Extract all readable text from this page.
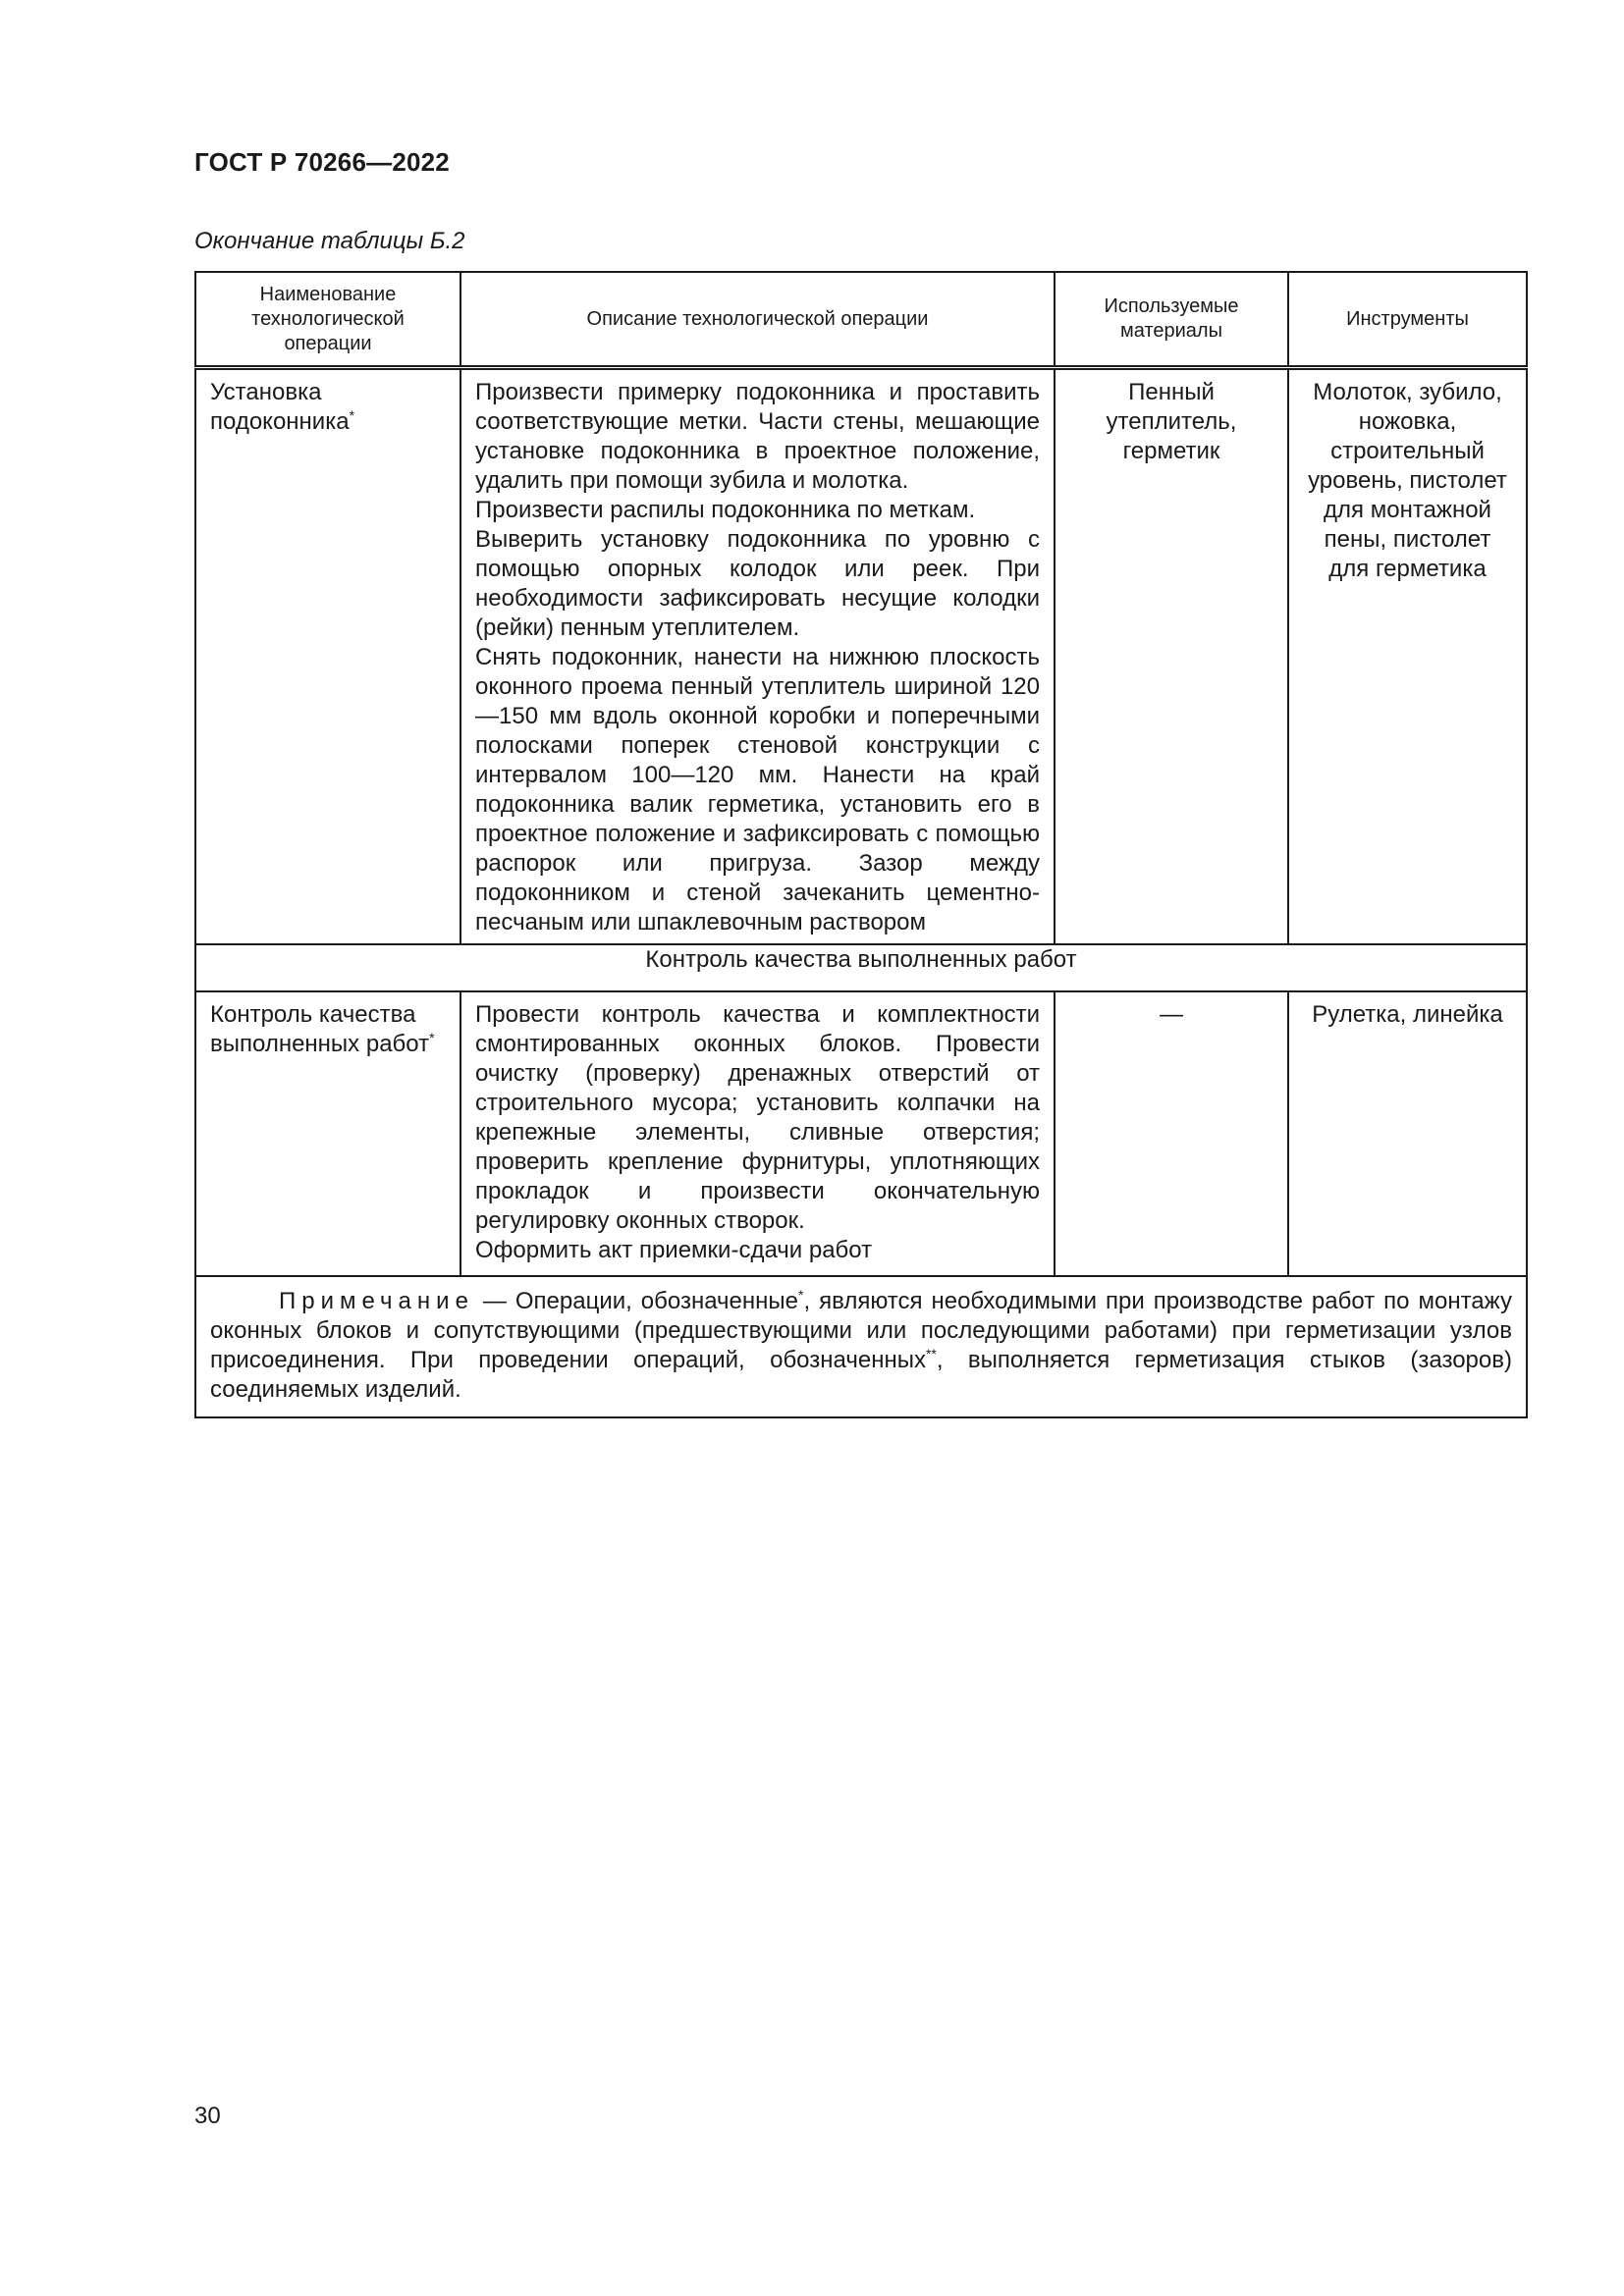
ГОСТ Р 70266—2022
Окончание таблицы Б.2
Наименование технологической операции	Описание технологической операции	Используемые материалы	Инструменты

Установка подоконника*	Произвести примерку подоконника и проставить соответствующие метки. Части стены, мешающие установке подоконника в проектное положение, удалить при помощи зубила и молотка.
Произвести распилы подоконника по меткам.
Выверить установку подоконника по уровню с помощью опорных колодок или реек. При необходимости зафиксировать несущие колодки (рейки) пенным утеплителем.
Снять подоконник, нанести на нижнюю плоскость оконного проема пенный утеплитель шириной 120—150 мм вдоль оконной коробки и поперечными полосками поперек стеновой конструкции с интервалом 100—120 мм. Нанести на край подоконника валик герметика, установить его в проектное положение и зафиксировать с помощью распорок или пригруза. Зазор между подоконником и стеной зачеканить цементно-песчаным или шпаклевочным раствором	Пенный утеплитель, герметик	Молоток, зубило, ножовка, строительный уровень, пистолет для монтажной пены, пистолет для герметика

Контроль качества выполненных работ			

Контроль качества выполненных работ*	Провести контроль качества и комплектности смонтированных оконных блоков. Провести очистку (проверку) дренажных отверстий от строительного мусора; установить колпачки на крепежные элементы, сливные отверстия; проверить крепление фурнитуры, уплотняющих прокладок и произвести окончательную регулировку оконных створок.
Оформить акт приемки-сдачи работ	—	Рулетка, линейка

Примечание — Операции, обозначенные*, являются необходимыми при производстве работ по монтажу оконных блоков и сопутствующими (предшествующими или последующими работами) при герметизации узлов присоединения. При проведении операций, обозначенных**, выполняется герметизация стыков (зазоров) соединяемых изделий.			
30
